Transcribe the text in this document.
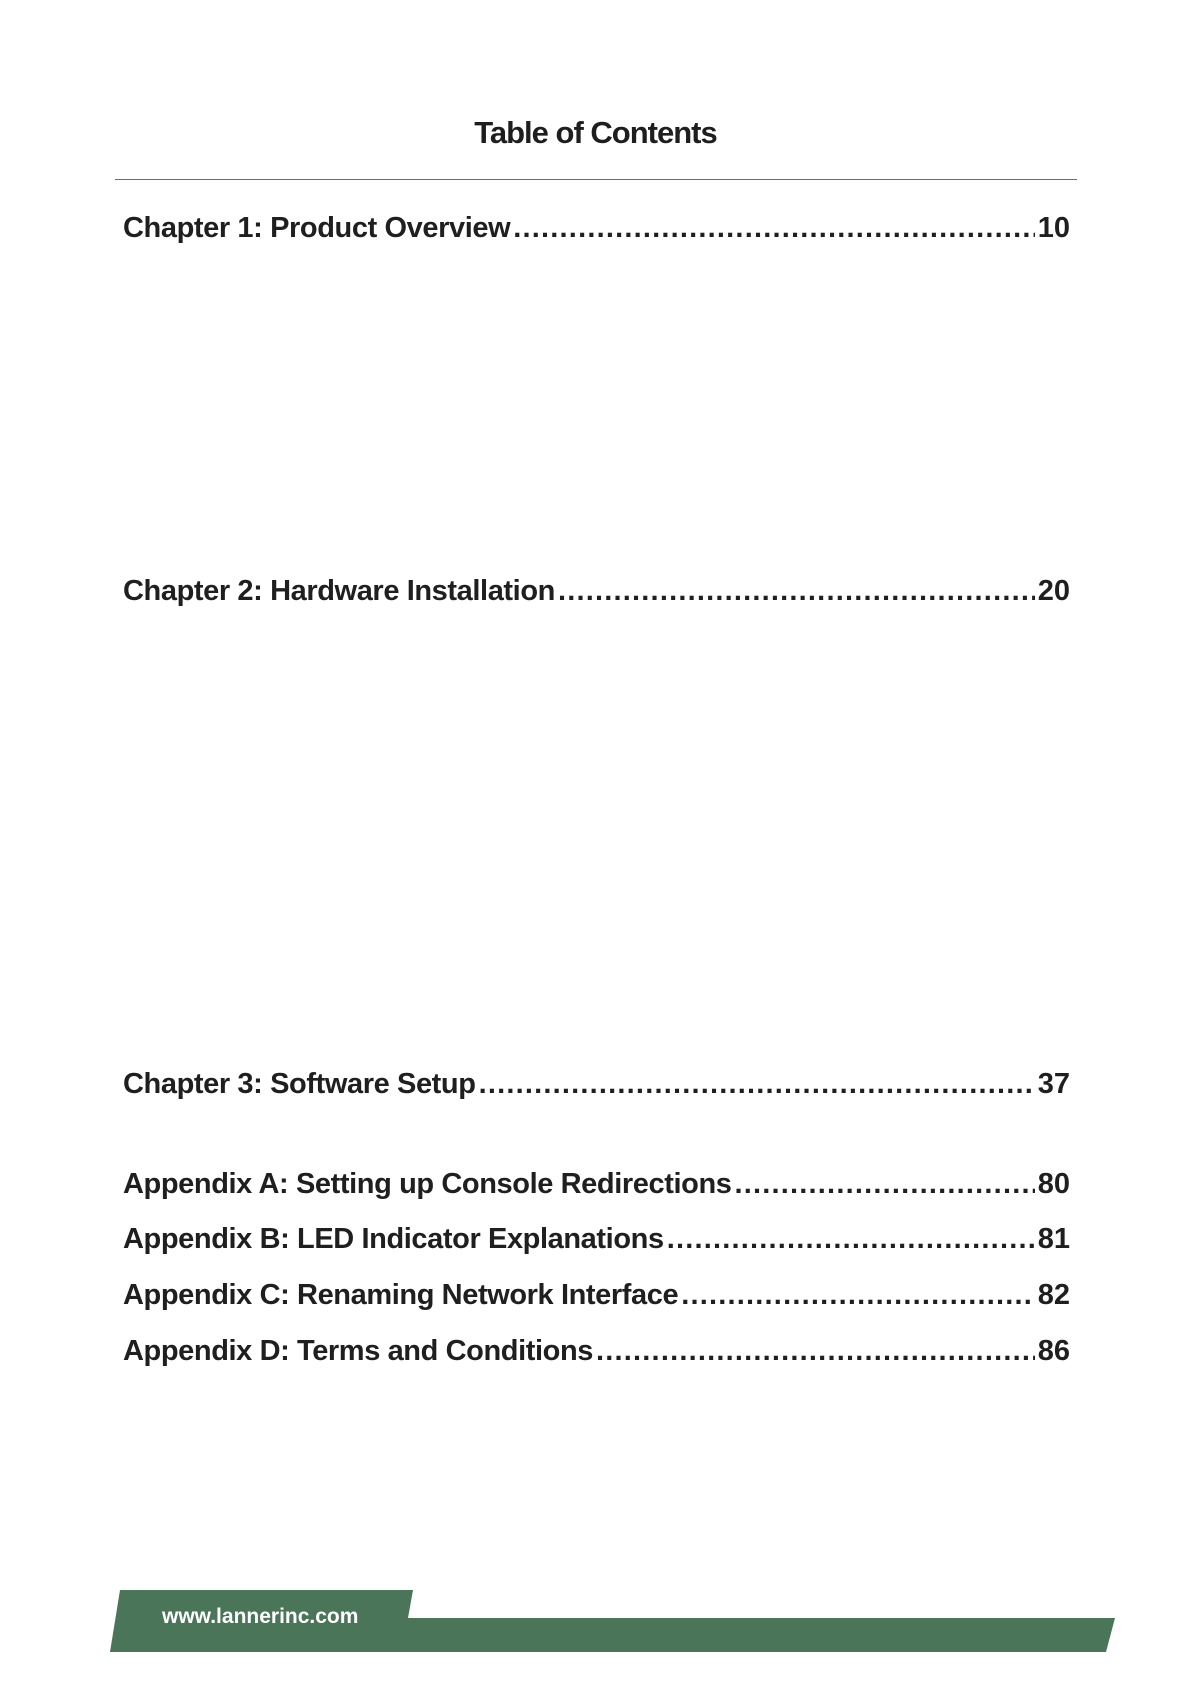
Table of Contents
Chapter 1: Product Overview .....	10
Chapter 2: Hardware Installation .....	20
Chapter 3: Software Setup .....	37
Appendix A: Setting up Console Redirections .....	80
Appendix B: LED Indicator Explanations .....	81
Appendix C: Renaming Network Interface .....	82
Appendix D: Terms and Conditions .....	86
www.lannerinc.com
